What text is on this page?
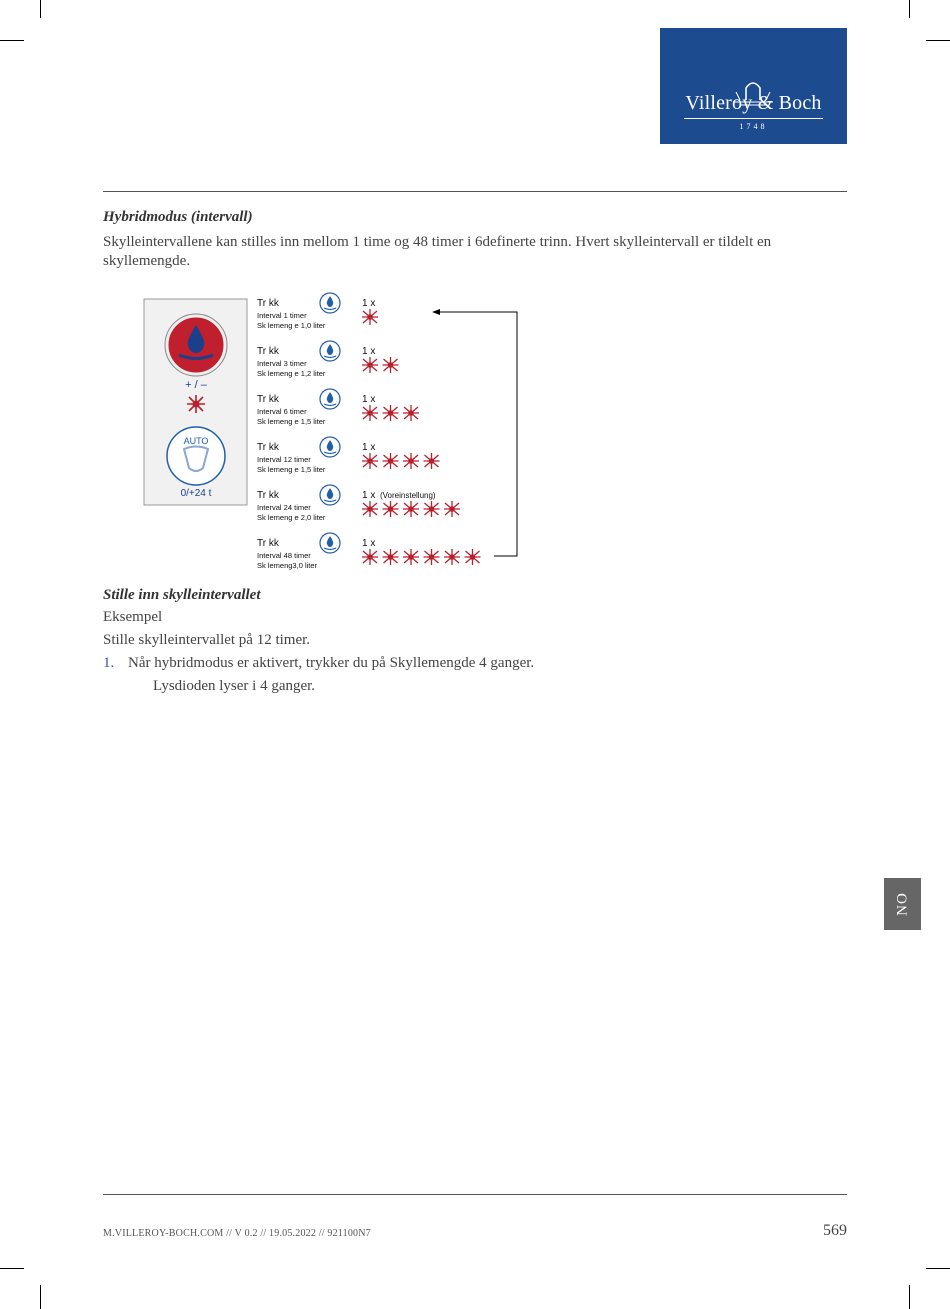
Villeroy & Boch
1748
Hybridmodus (intervall)
Skylleintervallene kan stilles inn mellom 1 time og 48 timer i 6definerte trinn. Hvert skylleintervall er tildelt en skyllemengde.
+ / –
AUTO
0/+24 t
Tr kk
Interval 1 timer
Sk lemeng e 1,0 liter
1 x
Tr kk
Interval 3 timer
Sk lemeng e 1,2 liter
1 x
Tr kk
Interval 6 timer
Sk lemeng e 1,5 liter
1 x
Tr kk
Interval 12 timer
Sk lemeng e 1,5 liter
1 x
Tr kk
Interval 24 timer
Sk lemeng e 2,0 liter
1 x (Voreinstellung)
Tr kk
Interval 48 timer
Sk lemeng3,0 liter
1 x
Stille inn skylleintervallet
Eksempel
Stille skylleintervallet på 12 timer.
1. Når hybridmodus er aktivert, trykker du på Skyllemengde 4 ganger.
Lysdioden lyser i 4 ganger.
NO
M.VILLEROY-BOCH.COM // V 0.2 // 19.05.2022 // 921100N7	569
